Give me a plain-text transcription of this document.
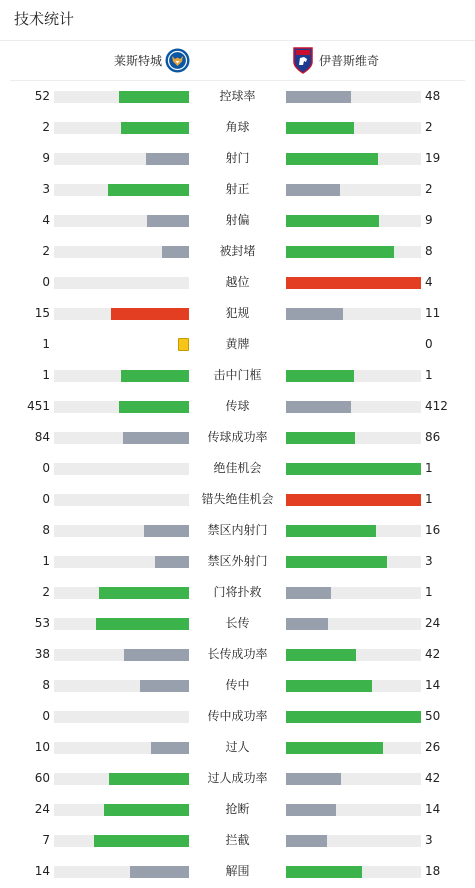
技术统计
莱斯特城	伊普斯维奇
52	控球率	48
2	角球	2
9	射门	19
3	射正	2
4	射偏	9
2	被封堵	8
0	越位	4
15	犯规	11
1	黄牌	0
1	击中门框	1
451	传球	412
84	传球成功率	86
0	绝佳机会	1
0	错失绝佳机会	1
8	禁区内射门	16
1	禁区外射门	3
2	门将扑救	1
53	长传	24
38	长传成功率	42
8	传中	14
0	传中成功率	50
10	过人	26
60	过人成功率	42
24	抢断	14
7	拦截	3
14	解围	18
